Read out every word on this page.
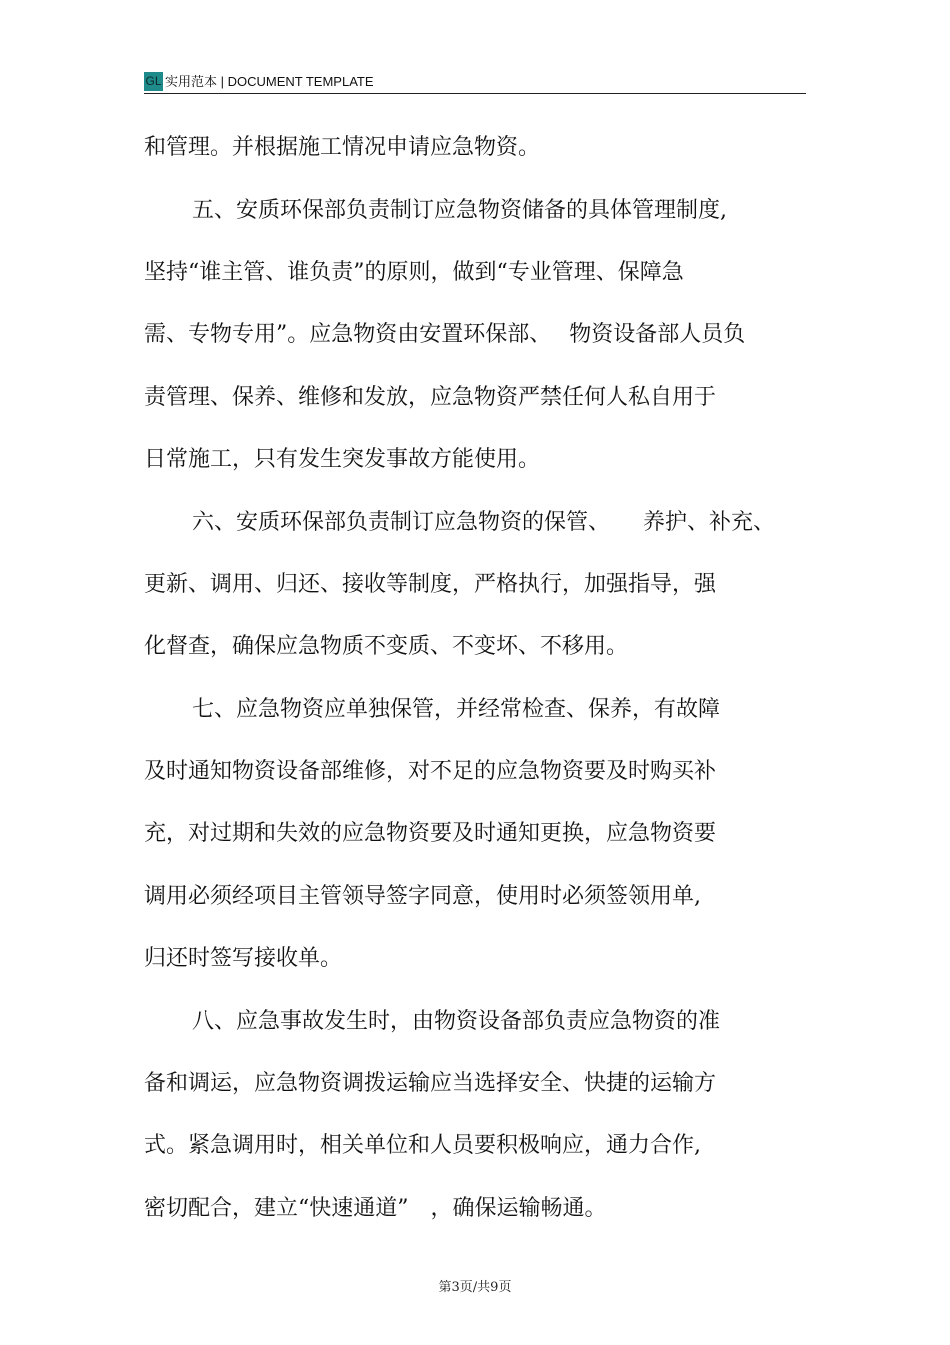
GL 实用范本 | DOCUMENT TEMPLATE
和管理。并根据施工情况申请应急物资。
五、安质环保部负责制订应急物资储备的具体管理制度,
坚持“谁主管、谁负责”的原则，做到“专业管理、保障急
需、专物专用”。应急物资由安置环保部、　 物资设备部人员负
责管理、保养、维修和发放，应急物资严禁任何人私自用于
日常施工，只有发生突发事故方能使用。
六、安质环保部负责制订应急物资的保管、　　养护、补充、
更新、调用、归还、接收等制度，严格执行，加强指导，强
化督查，确保应急物质不变质、不变坏、不移用。
七、应急物资应单独保管，并经常检查、保养，有故障
及时通知物资设备部维修，对不足的应急物资要及时购买补
充，对过期和失效的应急物资要及时通知更换，应急物资要
调用必须经项目主管领导签字同意，使用时必须签领用单,
归还时签写接收单。
八、应急事故发生时，由物资设备部负责应急物资的准
备和调运，应急物资调拨运输应当选择安全、快捷的运输方
式。紧急调用时，相关单位和人员要积极响应，通力合作,
密切配合，建立“快速通道”　，确保运输畅通。
第3页/共9页
